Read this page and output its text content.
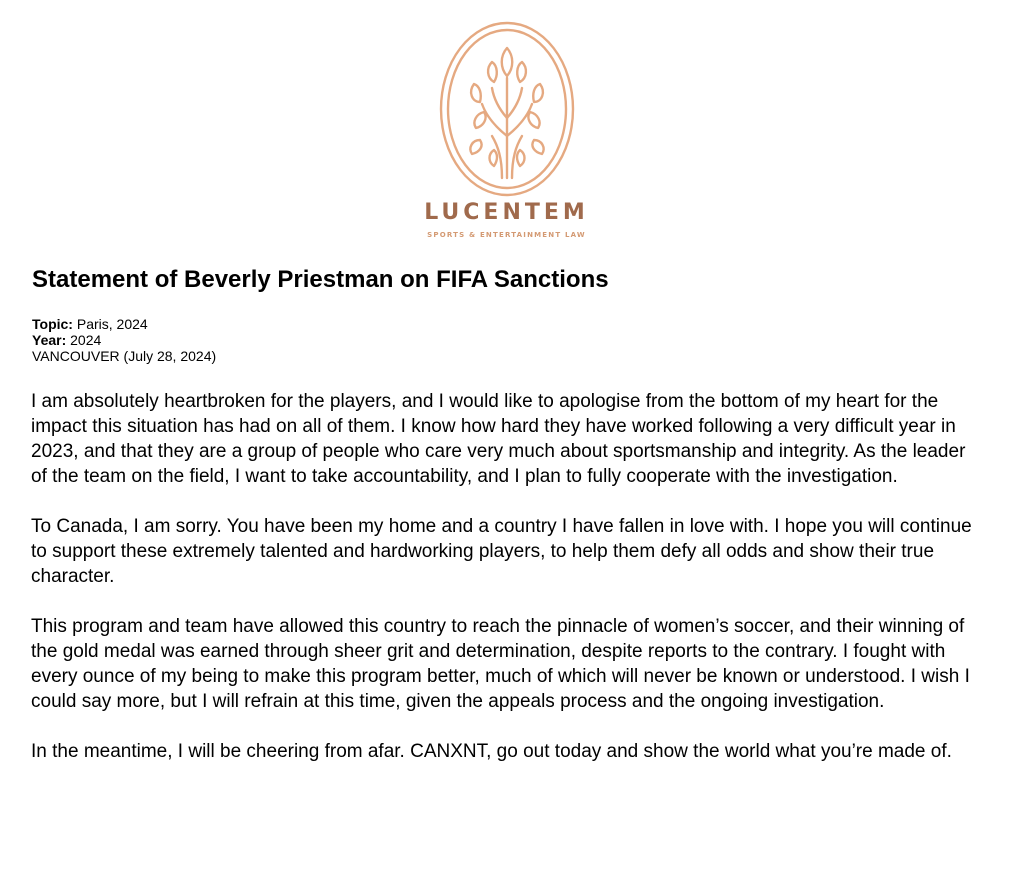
LUCENTEM
SPORTS & ENTERTAINMENT LAW
Statement of Beverly Priestman on FIFA Sanctions
Topic: Paris, 2024
Year: 2024
VANCOUVER (July 28, 2024)

I am absolutely heartbroken for the players, and I would like to apologise from the bottom of my heart for the impact this situation has had on all of them. I know how hard they have worked following a very difficult year in 2023, and that they are a group of people who care very much about sportsmanship and integrity. As the leader of the team on the field, I want to take accountability, and I plan to fully cooperate with the investigation.

To Canada, I am sorry. You have been my home and a country I have fallen in love with. I hope you will continue to support these extremely talented and hardworking players, to help them defy all odds and show their true character.

This program and team have allowed this country to reach the pinnacle of women’s soccer, and their winning of the gold medal was earned through sheer grit and determination, despite reports to the contrary. I fought with every ounce of my being to make this program better, much of which will never be known or understood. I wish I could say more, but I will refrain at this time, given the appeals process and the ongoing investigation.

In the meantime, I will be cheering from afar. CANXNT, go out today and show the world what you’re made of.
